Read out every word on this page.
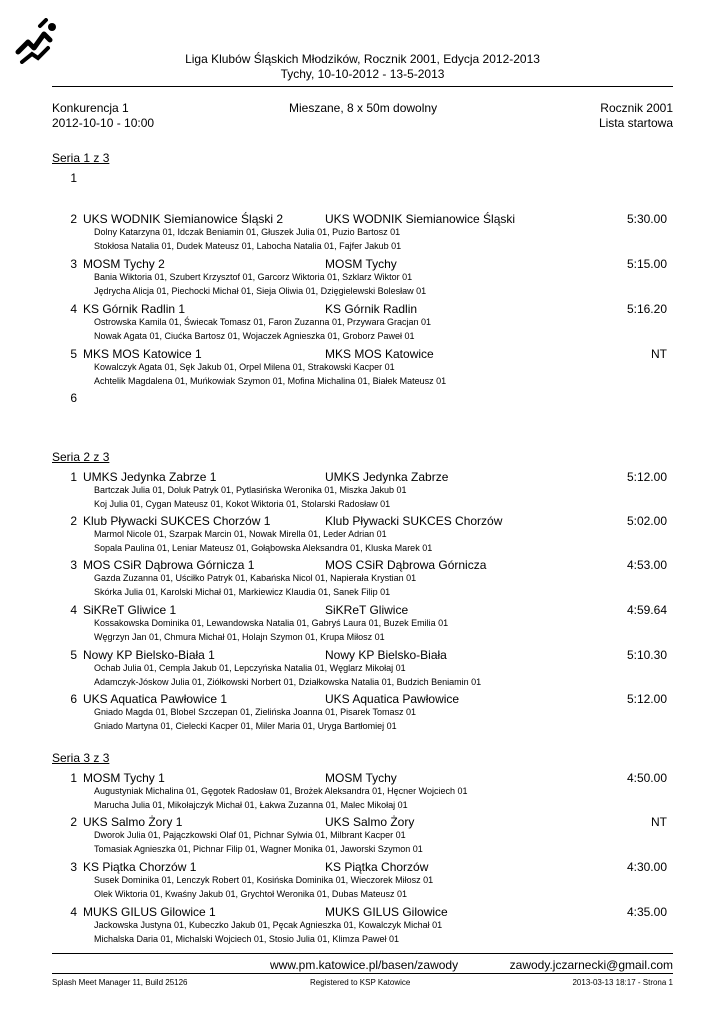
Liga Klubów Śląskich Młodzików, Rocznik 2001, Edycja 2012-2013
Tychy, 10-10-2012 - 13-5-2013
Konkurencja 1	Mieszane, 8 x 50m dowolny	Rocznik 2001
2012-10-10 - 10:00	Lista startowa
Seria 1 z 3
1
2 UKS WODNIK Siemianowice Śląski 2	UKS WODNIK Siemianowice Śląski	5:30.00
Dolny Katarzyna 01, Idczak Beniamin 01, Głuszek Julia 01, Puzio Bartosz 01
Stokłosa Natalia 01, Dudek Mateusz 01, Labocha Natalia 01, Fajfer Jakub 01
3 MOSM Tychy 2	MOSM Tychy	5:15.00
Bania Wiktoria 01, Szubert Krzysztof 01, Garcorz Wiktoria 01, Szklarz Wiktor 01
Jędrycha Alicja 01, Piechocki Michał 01, Sieja Oliwia 01, Dzięgielewski Bolesław 01
4 KS Górnik Radlin 1	KS Górnik Radlin	5:16.20
Ostrowska Kamila 01, Świecak Tomasz 01, Faron Zuzanna 01, Przywara Gracjan 01
Nowak Agata 01, Ciućka Bartosz 01, Wojaczek Agnieszka 01, Groborz Paweł 01
5 MKS MOS Katowice 1	MKS MOS Katowice	NT
Kowalczyk Agata 01, Sęk Jakub 01, Orpel Milena 01, Strakowski Kacper 01
Achtelik Magdalena 01, Muńkowiak Szymon 01, Mofina Michalina 01, Białek Mateusz 01
6
Seria 2 z 3
1 UMKS Jedynka Zabrze 1	UMKS Jedynka Zabrze	5:12.00
Bartczak Julia 01, Doluk Patryk 01, Pytlasińska Weronika 01, Miszka Jakub 01
Koj Julia 01, Cygan Mateusz 01, Kokot Wiktoria 01, Stolarski Radosław 01
2 Klub Pływacki SUKCES Chorzów 1	Klub Pływacki SUKCES Chorzów	5:02.00
Marmol Nicole 01, Szarpak Marcin 01, Nowak Mirella 01, Leder Adrian 01
Sopala Paulina 01, Leniar Mateusz 01, Gołąbowska Aleksandra 01, Kluska Marek 01
3 MOS CSiR Dąbrowa Górnicza 1	MOS CSiR Dąbrowa Górnicza	4:53.00
Gazda Zuzanna 01, Uściłko Patryk 01, Kabańska Nicol 01, Napierała Krystian 01
Skórka Julia 01, Karolski Michał 01, Markiewicz Klaudia 01, Sanek Filip 01
4 SiKReT Gliwice 1	SiKReT Gliwice	4:59.64
Kossakowska Dominika 01, Lewandowska Natalia 01, Gabryś Laura 01, Buzek Emilia 01
Węgrzyn Jan 01, Chmura Michał 01, Holajn Szymon 01, Krupa Miłosz 01
5 Nowy KP Bielsko-Biała 1	Nowy KP Bielsko-Biała	5:10.30
Ochab Julia 01, Cempla Jakub 01, Lepczyńska Natalia 01, Węglarz Mikołaj 01
Adamczyk-Jóskow Julia 01, Ziółkowski Norbert 01, Działkowska Natalia 01, Budzich Beniamin 01
6 UKS Aquatica Pawłowice 1	UKS Aquatica Pawłowice	5:12.00
Gniado Magda 01, Blobel Szczepan 01, Zielińska Joanna 01, Pisarek Tomasz 01
Gniado Martyna 01, Cielecki Kacper 01, Miler Maria 01, Uryga Bartłomiej 01
Seria 3 z 3
1 MOSM Tychy 1	MOSM Tychy	4:50.00
Augustyniak Michalina 01, Gęgotek Radosław 01, Brożek Aleksandra 01, Hęcner Wojciech 01
Marucha Julia 01, Mikołajczyk Michał 01, Łakwa Zuzanna 01, Malec Mikołaj 01
2 UKS Salmo Żory 1	UKS Salmo Żory	NT
Dworok Julia 01, Pajączkowski Olaf 01, Pichnar Sylwia 01, Milbrant Kacper 01
Tomasiak Agnieszka 01, Pichnar Filip 01, Wagner Monika 01, Jaworski Szymon 01
3 KS Piątka Chorzów 1	KS Piątka Chorzów	4:30.00
Susek Dominika 01, Lenczyk Robert 01, Kosińska Dominika 01, Wieczorek Miłosz 01
Olek Wiktoria 01, Kwaśny Jakub 01, Grychtoł Weronika 01, Dubas Mateusz 01
4 MUKS GILUS Gilowice 1	MUKS GILUS Gilowice	4:35.00
Jackowska Justyna 01, Kubeczko Jakub 01, Pęcak Agnieszka 01, Kowalczyk Michał 01
Michalska Daria 01, Michalski Wojciech 01, Stosio Julia 01, Klimza Paweł 01
www.pm.katowice.pl/basen/zawody	zawody.jczarnecki@gmail.com
Splash Meet Manager 11, Build 25126	Registered to KSP Katowice	2013-03-13 18:17 - Strona 1
